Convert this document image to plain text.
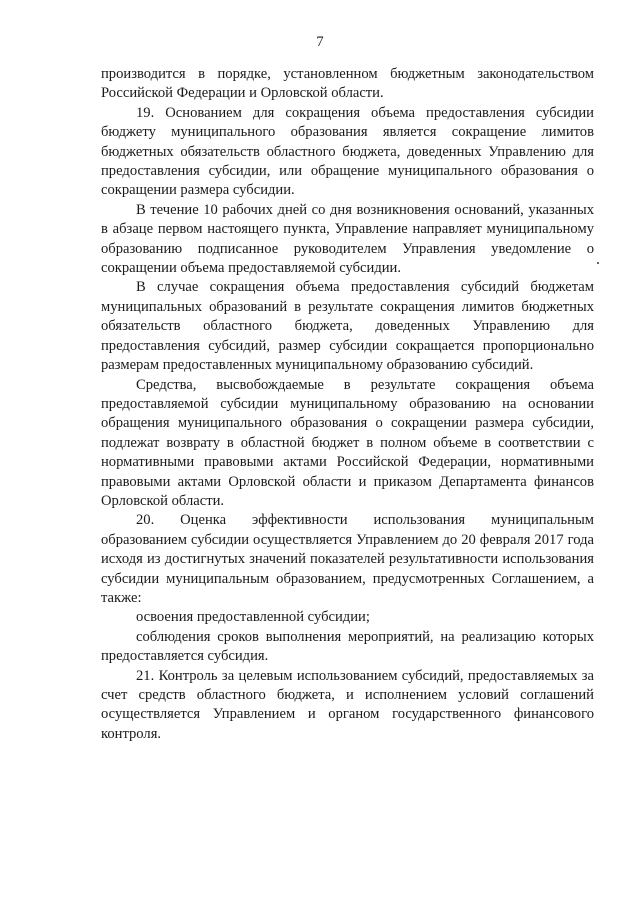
7

производится в порядке, установленном бюджетным законодательством Российской Федерации и Орловской области.

19. Основанием для сокращения объема предоставления субсидии бюджету муниципального образования является сокращение лимитов бюджетных обязательств областного бюджета, доведенных Управлению для предоставления субсидии, или обращение муниципального образования о сокращении размера субсидии.

В течение 10 рабочих дней со дня возникновения оснований, указанных в абзаце первом настоящего пункта, Управление направляет муниципальному образованию подписанное руководителем Управления уведомление о сокращении объема предоставляемой субсидии.

В случае сокращения объема предоставления субсидий бюджетам муниципальных образований в результате сокращения лимитов бюджетных обязательств областного бюджета, доведенных Управлению для предоставления субсидий, размер субсидии сокращается пропорционально размерам предоставленных муниципальному образованию субсидий.

Средства, высвобождаемые в результате сокращения объема предоставляемой субсидии муниципальному образованию на основании обращения муниципального образования о сокращении размера субсидии, подлежат возврату в областной бюджет в полном объеме в соответствии с нормативными правовыми актами Российской Федерации, нормативными правовыми актами Орловской области и приказом Департамента финансов Орловской области.

20. Оценка эффективности использования муниципальным образованием субсидии осуществляется Управлением до 20 февраля 2017 года исходя из достигнутых значений показателей результативности использования субсидии муниципальным образованием, предусмотренных Соглашением, а также:

освоения предоставленной субсидии;

соблюдения сроков выполнения мероприятий, на реализацию которых предоставляется субсидия.

21. Контроль за целевым использованием субсидий, предоставляемых за счет средств областного бюджета, и исполнением условий соглашений осуществляется Управлением и органом государственного финансового контроля.
